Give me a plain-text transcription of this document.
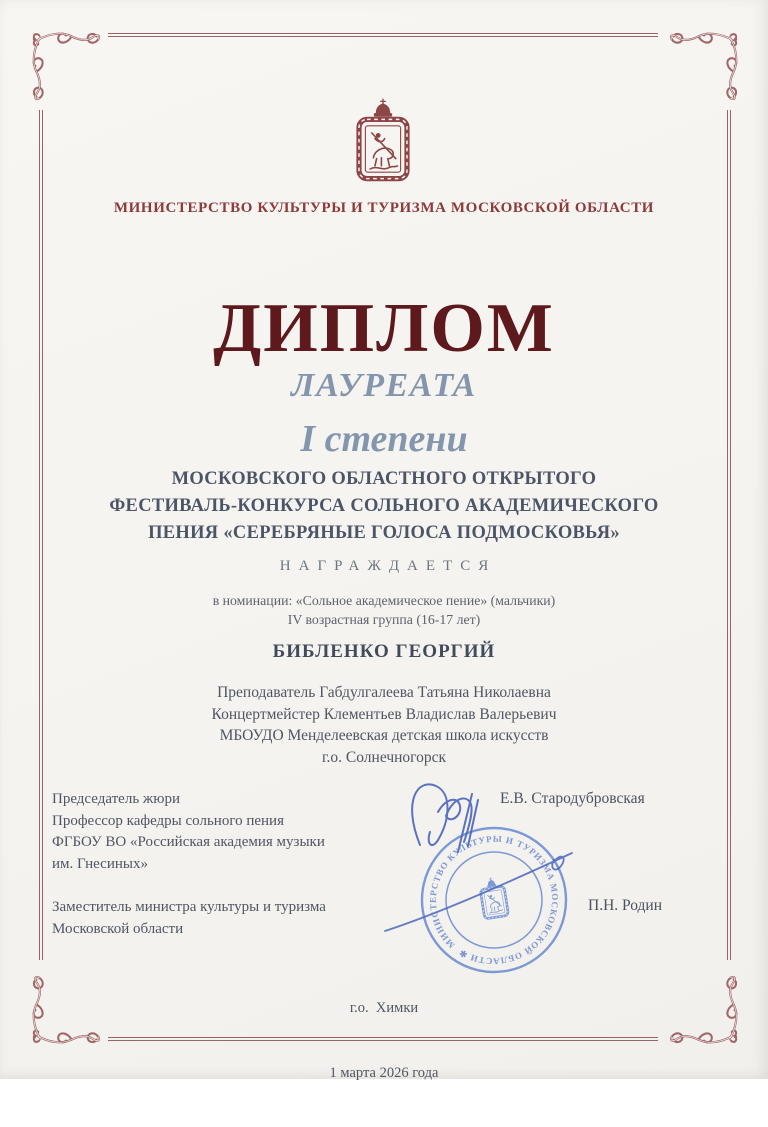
МИНИСТЕРСТВО КУЛЬТУРЫ И ТУРИЗМА МОСКОВСКОЙ ОБЛАСТИ
ДИПЛОМ
ЛАУРЕАТА
I степени
МОСКОВСКОГО ОБЛАСТНОГО ОТКРЫТОГО
ФЕСТИВАЛЬ-КОНКУРСА СОЛЬНОГО АКАДЕМИЧЕСКОГО
ПЕНИЯ «СЕРЕБРЯНЫЕ ГОЛОСА ПОДМОСКОВЬЯ»
НАГРАЖДАЕТСЯ
в номинации: «Сольное академическое пение» (мальчики)
IV возрастная группа (16-17 лет)
БИБЛЕНКО ГЕОРГИЙ
Преподаватель Габдулгалеева Татьяна Николаевна
Концертмейстер Клементьев Владислав Валерьевич
МБОУДО Менделеевская детская школа искусств
г.о. Солнечногорск
Председатель жюри
Профессор кафедры сольного пения
ФГБОУ ВО «Российская академия музыки
им. Гнесиных»
Е.В. Стародубровская
Заместитель министра культуры и туризма
Московской области
П.Н. Родин

г.о.  Химки

1 марта 2026 года

МИНИСТЕРСТВО КУЛЬТУРЫ И ТУРИЗМА МОСКОВСКОЙ ОБЛАСТИ ✱
